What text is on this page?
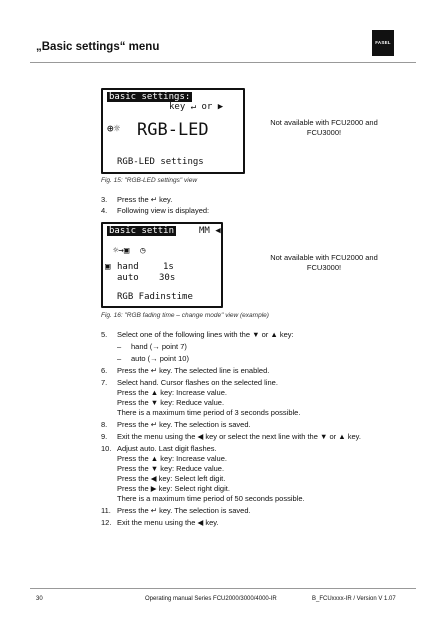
„Basic settings“ menu	FASEL
basic settings:
key ↵ or ▶
⊕☼ RGB-LED
RGB-LED settings
Not available with FCU2000 and FCU3000!
Fig. 15: "RGB-LED settings" view
3. Press the ↵ key.
4. Following view is displayed:
basic settin	MM ◀
☼→▣  ◷
▣ hand	1s
auto 30s
RGB Fadinstime
Not available with FCU2000 and FCU3000!
Fig. 16: "RGB fading time – change mode" view (example)
5. Select one of the following lines with the ▼ or ▲ key:
– hand (→ point 7)
– auto (→ point 10)
6. Press the ↵ key. The selected line is enabled.
7. Select hand. Cursor flashes on the selected line.
Press the ▲ key: Increase value.
Press the ▼ key: Reduce value.
There is a maximum time period of 3 seconds possible.
8. Press the ↵ key. The selection is saved.
9. Exit the menu using the ◀ key or select the next line with the ▼ or ▲ key.
10. Adjust auto. Last digit flashes.
Press the ▲ key: Increase value.
Press the ▼ key: Reduce value.
Press the ◀ key: Select left digit.
Press the ▶ key: Select right digit.
There is a maximum time period of 50 seconds possible.
11. Press the ↵ key. The selection is saved.
12. Exit the menu using the ◀ key.
30	Operating manual Series FCU2000/3000/4000-IR	B_FCUxxxx-IR / Version V 1.07
